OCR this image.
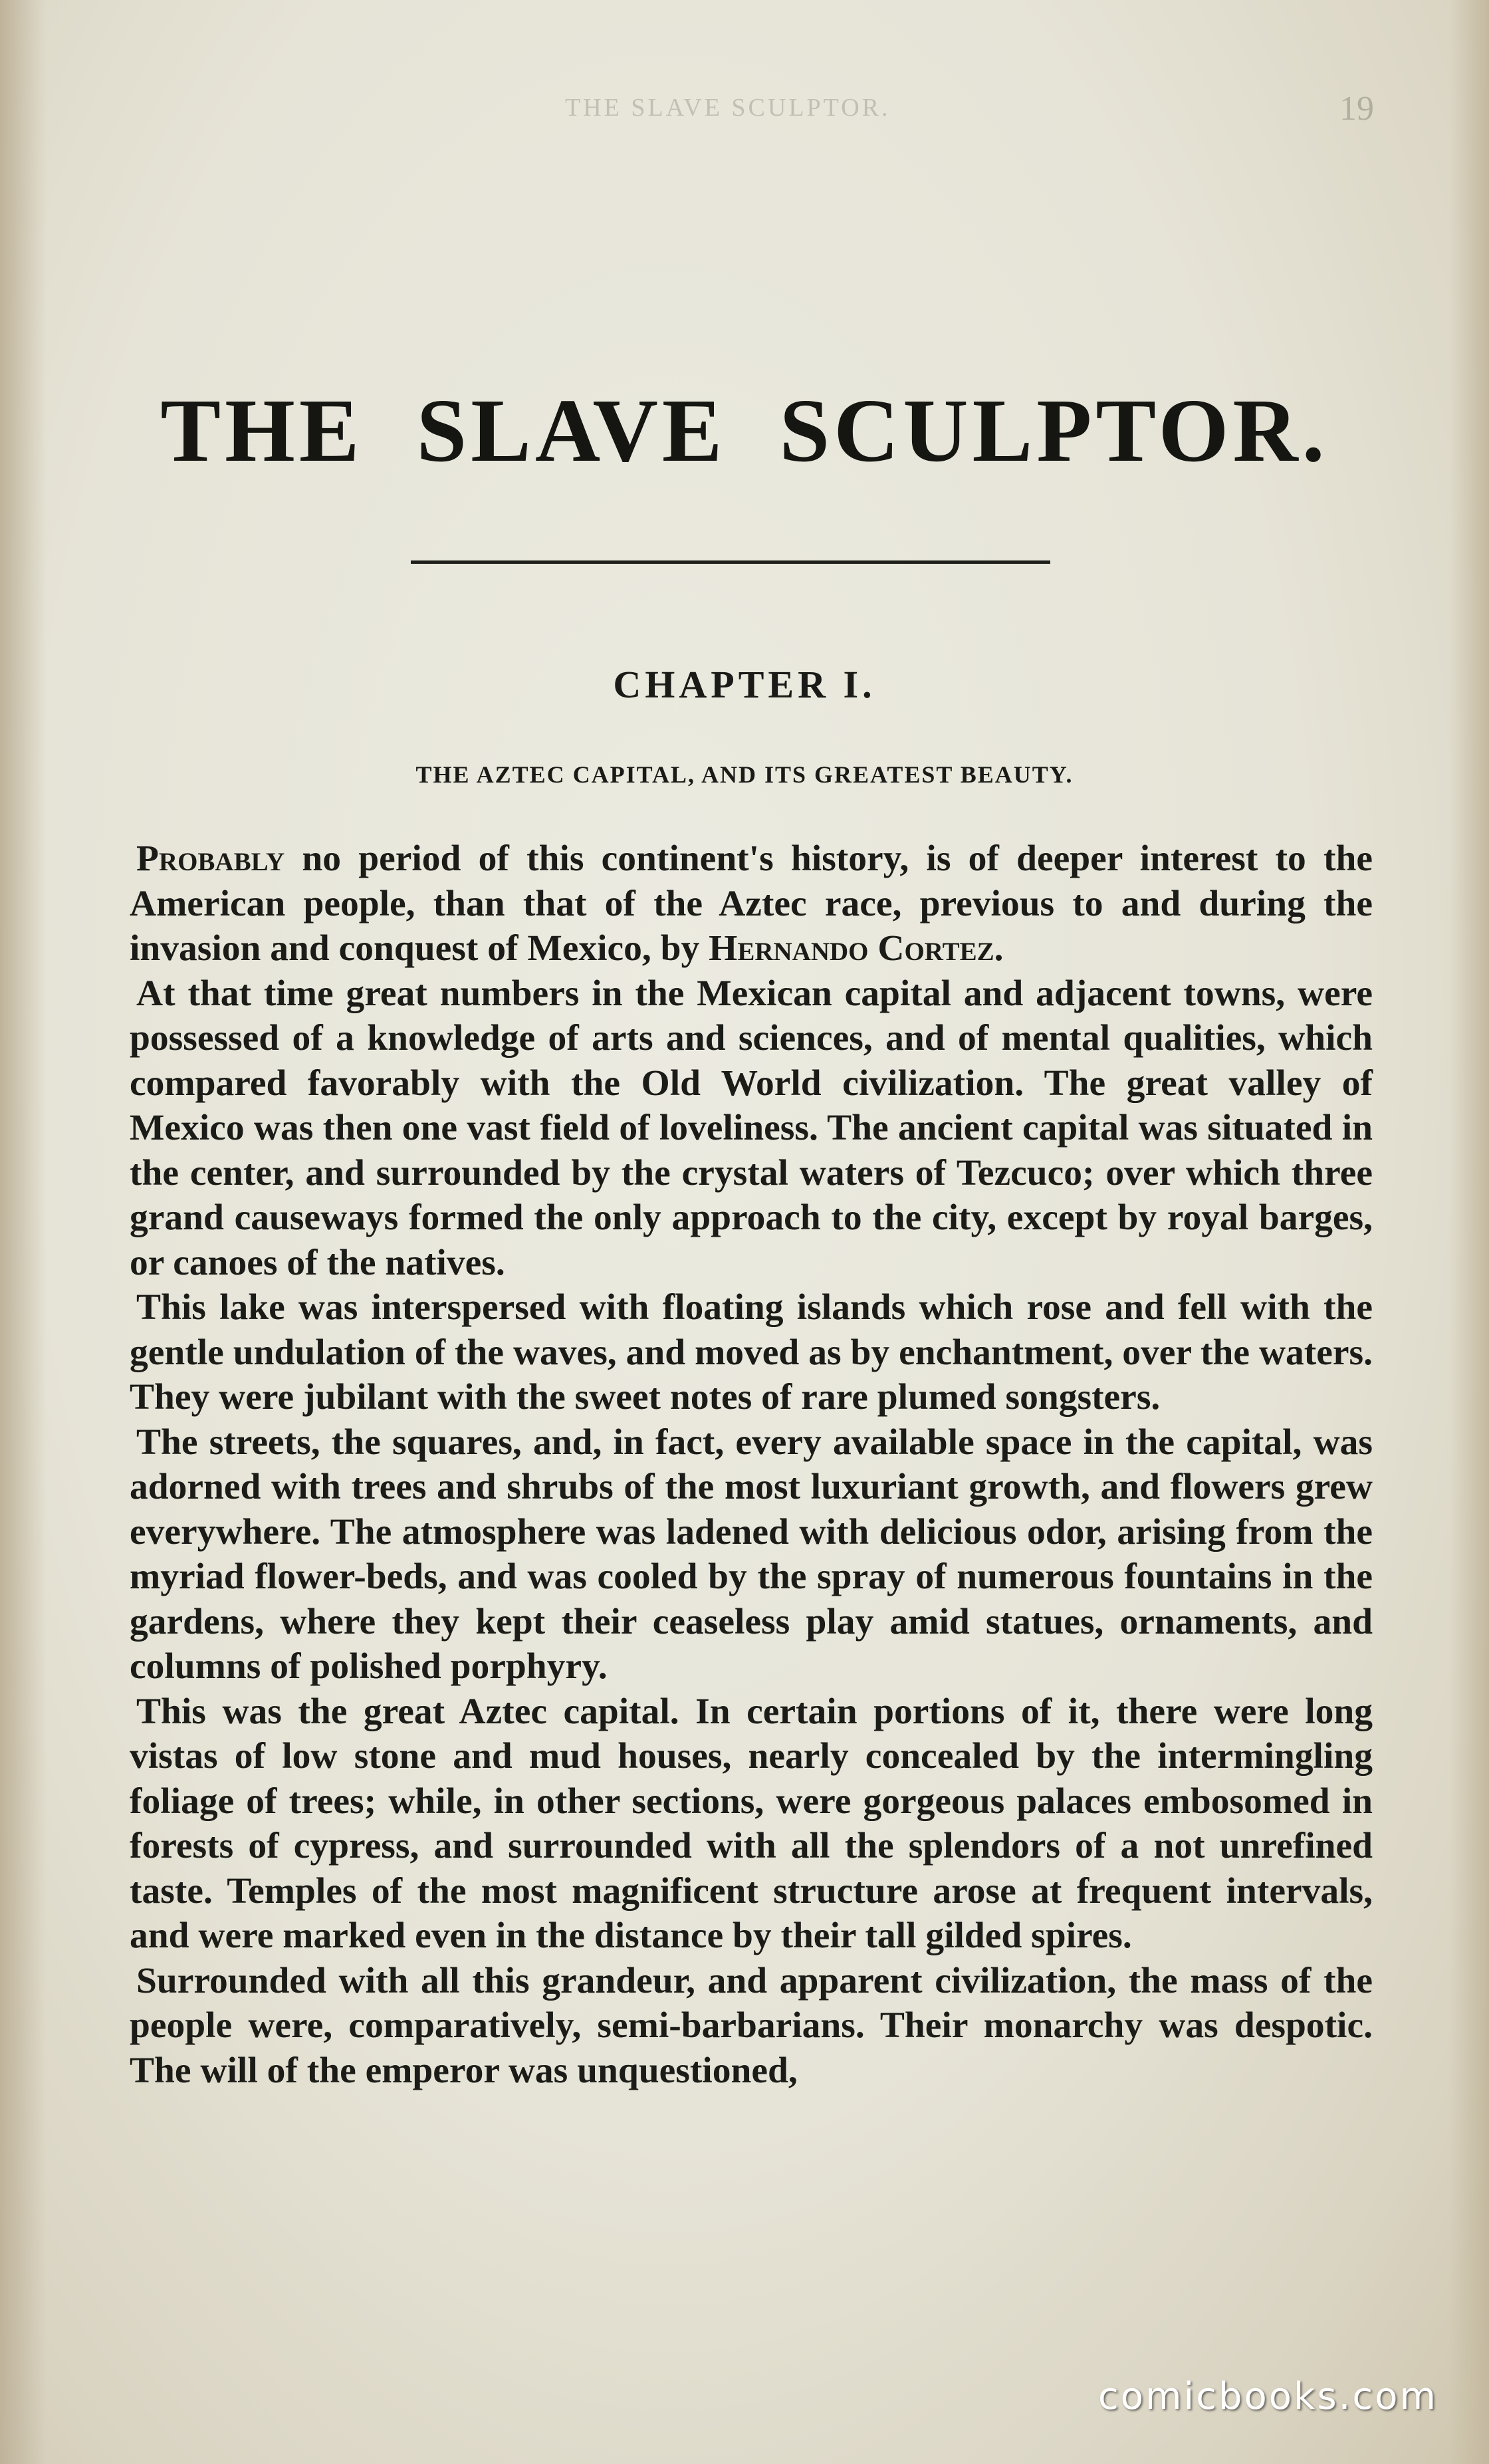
THE SLAVE SCULPTOR.	19
THE SLAVE SCULPTOR.
CHAPTER I.
THE AZTEC CAPITAL, AND ITS GREATEST BEAUTY.

Probably no period of this continent's history, is of deeper interest to the American people, than that of the Aztec race, previous to and during the invasion and conquest of Mexico, by Hernando Cortez.

At that time great numbers in the Mexican capital and adjacent towns, were possessed of a knowledge of arts and sciences, and of mental qualities, which compared favorably with the Old World civilization. The great valley of Mexico was then one vast field of loveliness. The ancient capital was situated in the center, and surrounded by the crystal waters of Tezcuco; over which three grand causeways formed the only approach to the city, except by royal barges, or canoes of the natives.

This lake was interspersed with floating islands which rose and fell with the gentle undulation of the waves, and moved as by enchantment, over the waters. They were jubilant with the sweet notes of rare plumed songsters.

The streets, the squares, and, in fact, every available space in the capital, was adorned with trees and shrubs of the most luxuriant growth, and flowers grew everywhere. The atmosphere was ladened with delicious odor, arising from the myriad flower-beds, and was cooled by the spray of numerous fountains in the gardens, where they kept their ceaseless play amid statues, ornaments, and columns of polished porphyry.

This was the great Aztec capital. In certain portions of it, there were long vistas of low stone and mud houses, nearly concealed by the intermingling foliage of trees; while, in other sections, were gorgeous palaces embosomed in forests of cypress, and surrounded with all the splendors of a not unrefined taste. Temples of the most magnificent structure arose at frequent intervals, and were marked even in the distance by their tall gilded spires.

Surrounded with all this grandeur, and apparent civilization, the mass of the people were, comparatively, semi-barbarians. Their monarchy was despotic. The will of the emperor was unquestioned,

comicbooks.com
